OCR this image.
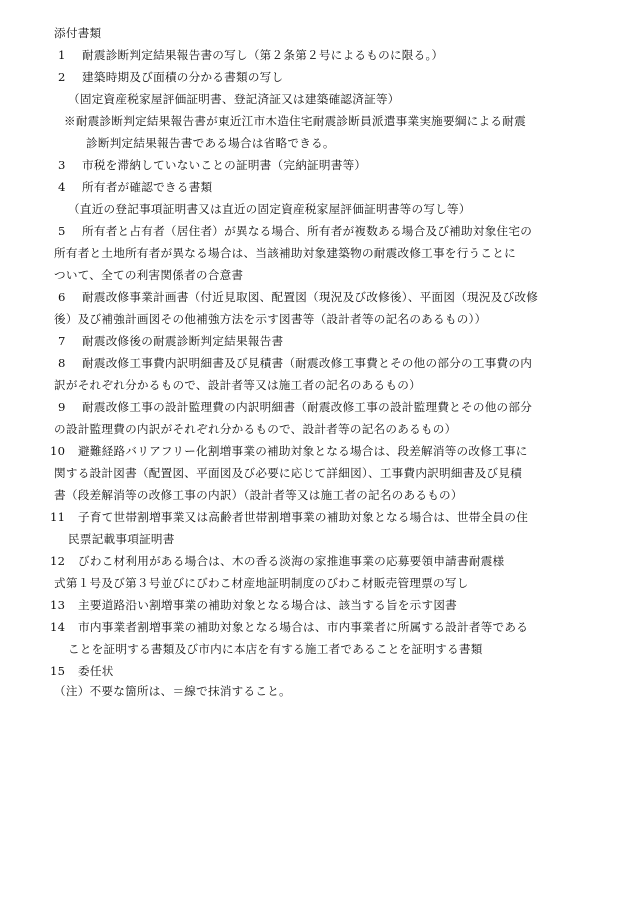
添付書類
1 耐震診断判定結果報告書の写し（第２条第２号によるものに限る。）
2 建築時期及び面積の分かる書類の写し
（固定資産税家屋評価証明書、登記済証又は建築確認済証等）
※耐震診断判定結果報告書が東近江市木造住宅耐震診断員派遣事業実施要綱による耐震
診断判定結果報告書である場合は省略できる。
3 市税を滞納していないことの証明書（完納証明書等）
4 所有者が確認できる書類
（直近の登記事項証明書又は直近の固定資産税家屋評価証明書等の写し等）
5 所有者と占有者（居住者）が異なる場合、所有者が複数ある場合及び補助対象住宅の
所有者と土地所有者が異なる場合は、当該補助対象建築物の耐震改修工事を行うことに
ついて、全ての利害関係者の合意書
6 耐震改修事業計画書（付近見取図、配置図（現況及び改修後）、平面図（現況及び改修
後）及び補強計画図その他補強方法を示す図書等（設計者等の記名のあるもの））
7 耐震改修後の耐震診断判定結果報告書
8 耐震改修工事費内訳明細書及び見積書（耐震改修工事費とその他の部分の工事費の内
訳がそれぞれ分かるもので、設計者等又は施工者の記名のあるもの）
9 耐震改修工事の設計監理費の内訳明細書（耐震改修工事の設計監理費とその他の部分
の設計監理費の内訳がそれぞれ分かるもので、設計者等の記名のあるもの）
10 避難経路バリアフリー化割増事業の補助対象となる場合は、段差解消等の改修工事に
関する設計図書（配置図、平面図及び必要に応じて詳細図）、工事費内訳明細書及び見積
書（段差解消等の改修工事の内訳）（設計者等又は施工者の記名のあるもの）
11 子育て世帯割増事業又は高齢者世帯割増事業の補助対象となる場合は、世帯全員の住
民票記載事項証明書
12 びわこ材利用がある場合は、木の香る淡海の家推進事業の応募要領申請書耐震様
式第１号及び第３号並びにびわこ材産地証明制度のびわこ材販売管理票の写し
13 主要道路沿い割増事業の補助対象となる場合は、該当する旨を示す図書
14 市内事業者割増事業の補助対象となる場合は、市内事業者に所属する設計者等である
ことを証明する書類及び市内に本店を有する施工者であることを証明する書類
15 委任状
（注）不要な箇所は、＝線で抹消すること。
